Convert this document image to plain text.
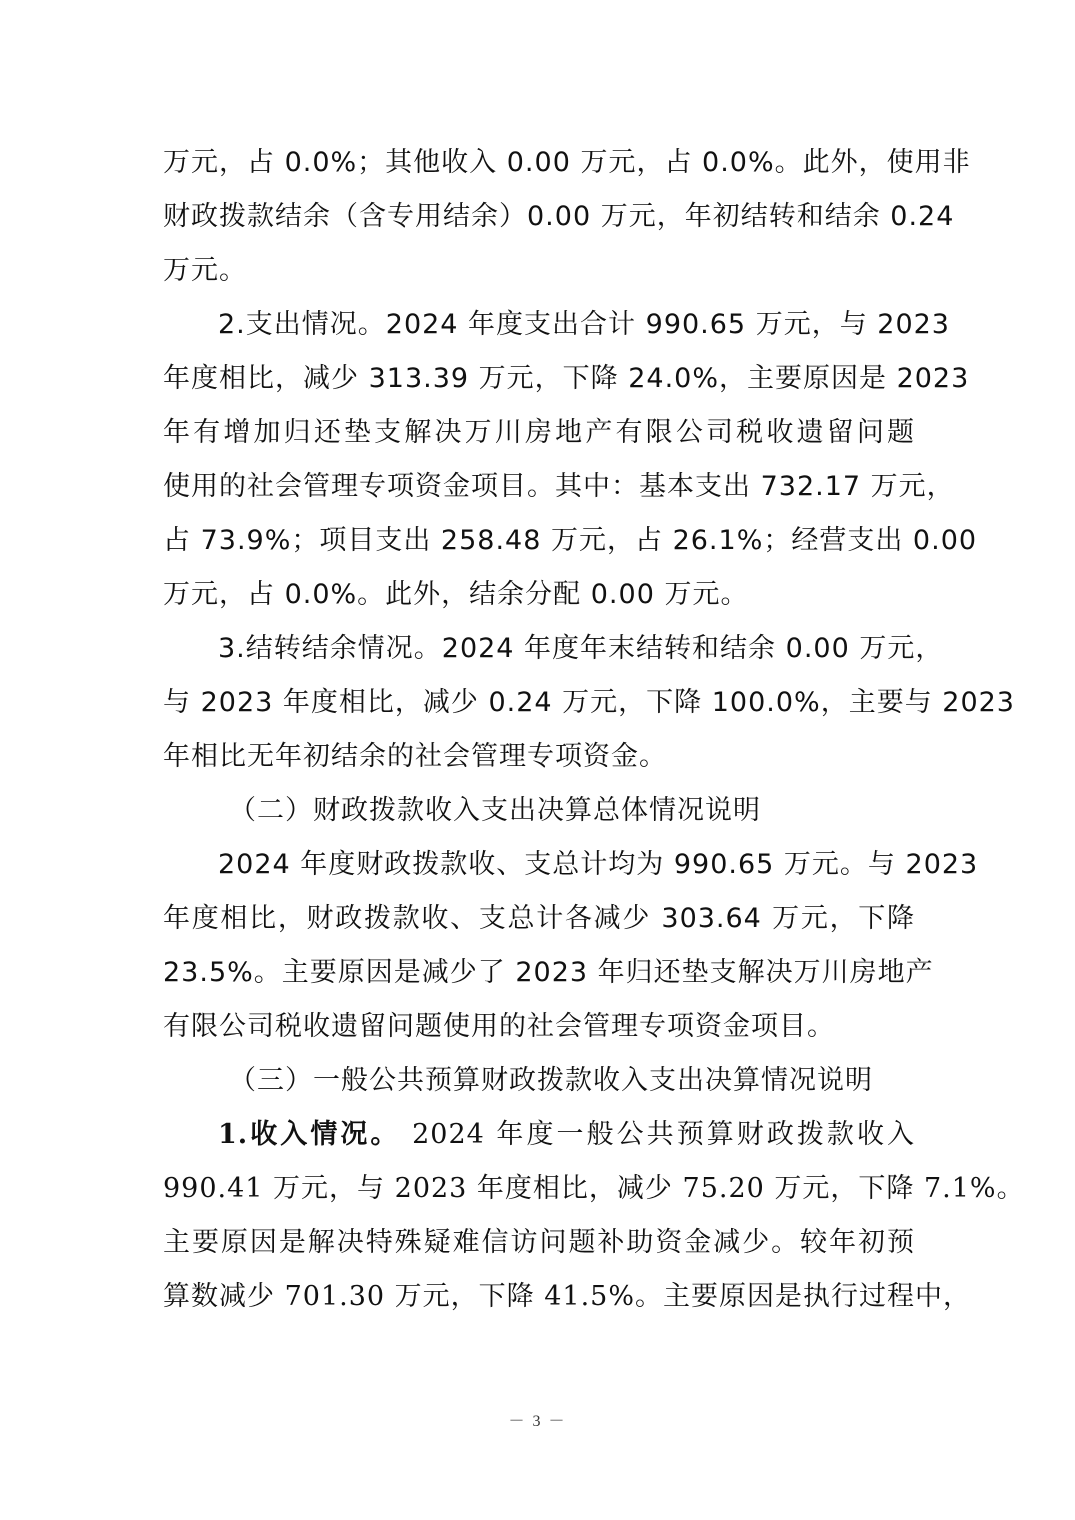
万元，占 0.0%；其他收入 0.00 万元，占 0.0%。此外，使用非
财政拨款结余（含专用结余）0.00 万元，年初结转和结余 0.24
万元。
2.支出情况。2024 年度支出合计 990.65 万元，与 2023
年度相比，减少 313.39 万元，下降 24.0%，主要原因是 2023
年有增加归还垫支解决万川房地产有限公司税收遗留问题
使用的社会管理专项资金项目。其中：基本支出 732.17 万元，
占 73.9%；项目支出 258.48 万元，占 26.1%；经营支出 0.00
万元，占 0.0%。此外，结余分配 0.00 万元。
3.结转结余情况。2024 年度年末结转和结余 0.00 万元，
与 2023 年度相比，减少 0.24 万元，下降 100.0%，主要与 2023
年相比无年初结余的社会管理专项资金。
（二）财政拨款收入支出决算总体情况说明
2024 年度财政拨款收、支总计均为 990.65 万元。与 2023
年度相比，财政拨款收、支总计各减少 303.64 万元，下降
23.5%。主要原因是减少了 2023 年归还垫支解决万川房地产
有限公司税收遗留问题使用的社会管理专项资金项目。
（三）一般公共预算财政拨款收入支出决算情况说明
1.收入情况。 2024 年度一般公共预算财政拨款收入
990.41 万元，与 2023 年度相比，减少 75.20 万元，下降 7.1%。
主要原因是解决特殊疑难信访问题补助资金减少。较年初预
算数减少 701.30 万元，下降 41.5%。主要原因是执行过程中，
－ 3 －
